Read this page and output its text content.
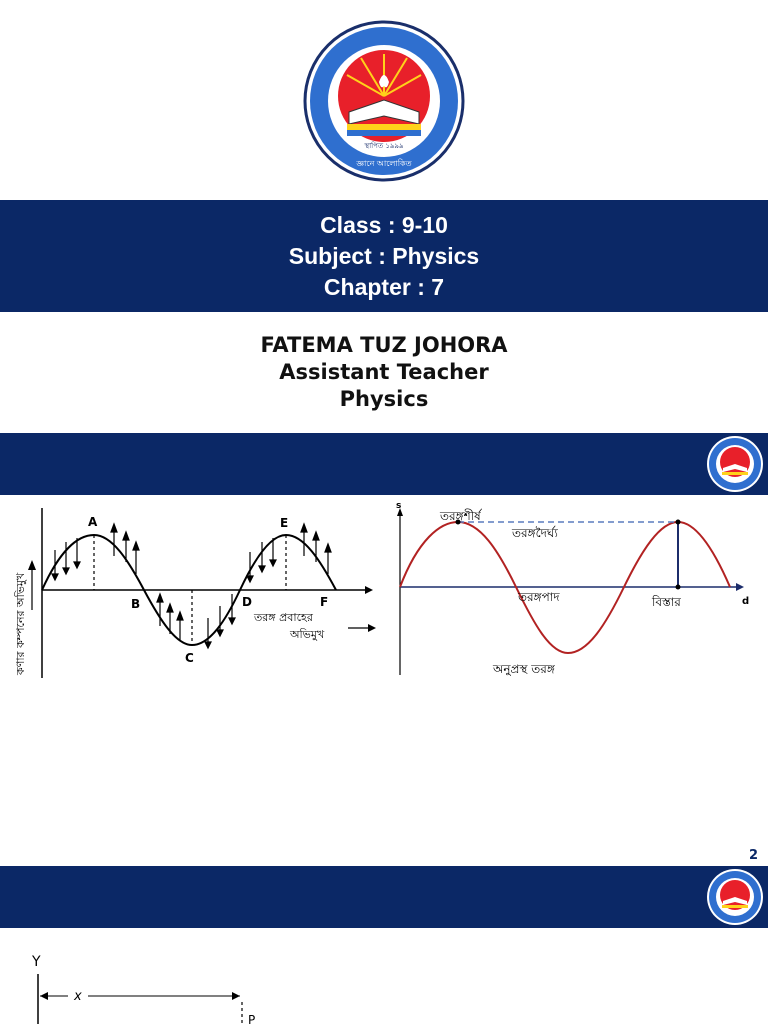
স্থাপিত ১৯৯৯
জ্ঞানে আলোকিত
Class : 9-10
Subject : Physics
Chapter : 7
FATEMA TUZ JOHORA
Assistant Teacher
Physics
কণার কম্পনের অভিমুখ
A
B
C
D
E
F
তরঙ্গ প্রবাহের
অভিমুখ
s
d
তরঙ্গশীর্ষ
তরঙ্গদৈর্ঘ্য
তরঙ্গপাদ	বিস্তার
অনুপ্রস্থ তরঙ্গ
2
Y
x
P
